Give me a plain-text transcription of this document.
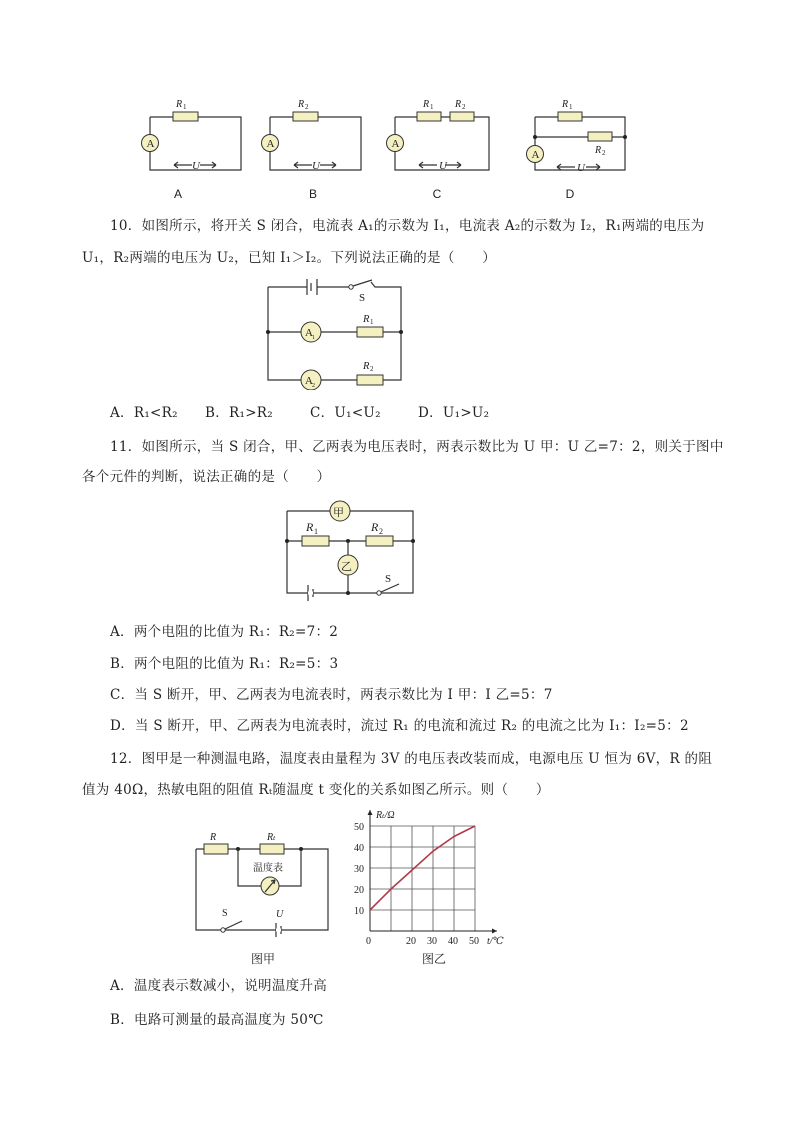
A
R 1
U
A
A
R 2
U
B
A
R 1 R 2
U
C
A
R 1
R 2
U
D
10．如图所示，将开关 S 闭合，电流表 A₁的示数为 I₁，电流表 A₂的示数为 I₂，R₁两端的电压为
U₁，R₂两端的电压为 U₂，已知 I₁＞I₂。下列说法正确的是（　　）
S
A 1
A 2
R 1
R 2
A．R₁<R₂ B．R₁>R₂	C．U₁<U₂	D．U₁>U₂
11．如图所示，当 S 闭合，甲、乙两表为电压表时，两表示数比为 U 甲：U 乙=7：2，则关于图中
各个元件的判断，说法正确的是（　　）
甲
乙
S
R 1	R 2
A．两个电阻的比值为 R₁：R₂=7：2
B．两个电阻的比值为 R₁：R₂=5：3
C．当 S 断开，甲、乙两表为电流表时，两表示数比为 I 甲：I 乙=5：7
D．当 S 断开，甲、乙两表为电流表时，流过 R₁ 的电流和流过 R₂ 的电流之比为 I₁：I₂=5：2
12．图甲是一种测温电路，温度表由量程为 3V 的电压表改装而成，电源电压 U 恒为 6V，R 的阻
值为 40Ω，热敏电阻的阻值 Rₜ随温度 t 变化的关系如图乙所示。则（　　）
温度表
R	Rₜ
S	U
图甲
0	20 30 40 50
10
20
30
40
50
t/℃
Rₜ/Ω
图乙
A．温度表示数减小，说明温度升高
B．电路可测量的最高温度为 50℃
